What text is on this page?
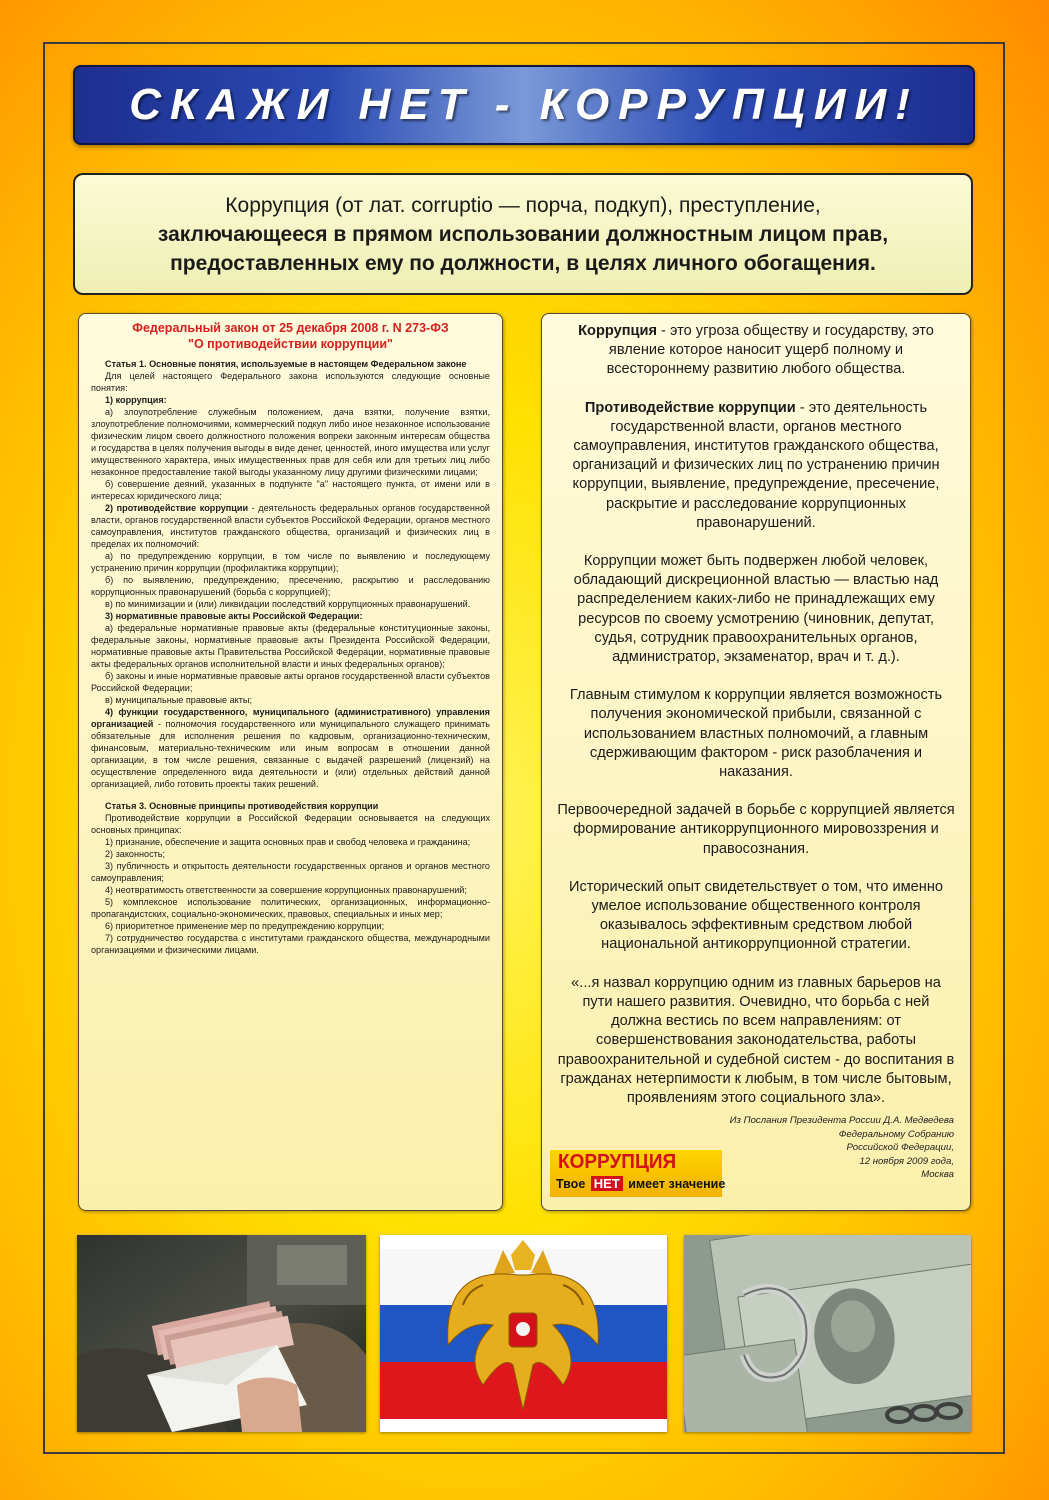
СКАЖИ НЕТ - КОРРУПЦИИ!

Коррупция (от лат. corruptio — порча, подкуп), преступление,
заключающееся в прямом использовании должностным лицом прав,
предоставленных ему по должности, в целях личного обогащения.

Федеральный закон от 25 декабря 2008 г. N 273-ФЗ
"О противодействии коррупции"

Статья 1. Основные понятия, используемые в настоящем Федеральном законе

Для целей настоящего Федерального закона используются следующие основные понятия:

1) коррупция:

а) злоупотребление служебным положением, дача взятки, получение взятки, злоупотребление полномочиями, коммерческий подкуп либо иное незаконное использование физическим лицом своего должностного положения вопреки законным интересам общества и государства в целях получения выгоды в виде денег, ценностей, иного имущества или услуг имущественного характера, иных имущественных прав для себя или для третьих лиц либо незаконное предоставление такой выгоды указанному лицу другими физическими лицами;

б) совершение деяний, указанных в подпункте "а" настоящего пункта, от имени или в интересах юридического лица;

2) противодействие коррупции - деятельность федеральных органов государственной власти, органов государственной власти субъектов Российской Федерации, органов местного самоуправления, институтов гражданского общества, организаций и физических лиц в пределах их полномочий:

а) по предупреждению коррупции, в том числе по выявлению и последующему устранению причин коррупции (профилактика коррупции);

б) по выявлению, предупреждению, пресечению, раскрытию и расследованию коррупционных правонарушений (борьба с коррупцией);

в) по минимизации и (или) ликвидации последствий коррупционных правонарушений.

3) нормативные правовые акты Российской Федерации:

а) федеральные нормативные правовые акты (федеральные конституционные законы, федеральные законы, нормативные правовые акты Президента Российской Федерации, нормативные правовые акты Правительства Российской Федерации, нормативные правовые акты федеральных органов исполнительной власти и иных федеральных органов);

б) законы и иные нормативные правовые акты органов государственной власти субъектов Российской Федерации;

в) муниципальные правовые акты;

4) функции государственного, муниципального (административного) управления организацией - полномочия государственного или муниципального служащего принимать обязательные для исполнения решения по кадровым, организационно-техническим, финансовым, материально-техническим или иным вопросам в отношении данной организации, в том числе решения, связанные с выдачей разрешений (лицензий) на осуществление определенного вида деятельности и (или) отдельных действий данной организацией, либо готовить проекты таких решений.

Статья 3. Основные принципы противодействия коррупции

Противодействие коррупции в Российской Федерации основывается на следующих основных принципах:

1) признание, обеспечение и защита основных прав и свобод человека и гражданина;

2) законность;

3) публичность и открытость деятельности государственных органов и органов местного самоуправления;

4) неотвратимость ответственности за совершение коррупционных правонарушений;

5) комплексное использование политических, организационных, информационно-пропагандистских, социально-экономических, правовых, специальных и иных мер;

6) приоритетное применение мер по предупреждению коррупции;

7) сотрудничество государства с институтами гражданского общества, международными организациями и физическими лицами.

Коррупция - это угроза обществу и государству, это явление которое наносит ущерб полному и всестороннему развитию любого общества.

Противодействие коррупции - это деятельность государственной власти, органов местного самоуправления, институтов гражданского общества, организаций и физических лиц по устранению причин коррупции, выявление, предупреждение, пресечение, раскрытие и расследование коррупционных правонарушений.

Коррупции может быть подвержен любой человек, обладающий дискреционной властью — властью над распределением каких-либо не принадлежащих ему ресурсов по своему усмотрению (чиновник, депутат, судья, сотрудник правоохранительных органов, администратор, экзаменатор, врач и т. д.).

Главным стимулом к коррупции является возможность получения экономической прибыли, связанной с использованием властных полномочий, а главным сдерживающим фактором - риск разоблачения и наказания.

Первоочередной задачей в борьбе с коррупцией является формирование антикоррупционного мировоззрения и правосознания.

Исторический опыт свидетельствует о том, что именно умелое использование общественного контроля оказывалось эффективным средством любой национальной антикоррупционной стратегии.

«...я назвал коррупцию одним из главных барьеров на пути нашего развития. Очевидно, что борьба с ней должна вестись по всем направлениям: от совершенствования законодательства, работы правоохранительной и судебной систем - до воспитания в гражданах нетерпимости к любым, в том числе бытовым, проявлениям этого социального зла».

Из Послания Президента России Д.А. Медведева
Федеральному Собранию
Российской Федерации,
12 ноября 2009 года,
Москва
КОРРУПЦИЯ
Твое НЕТ имеет значение
